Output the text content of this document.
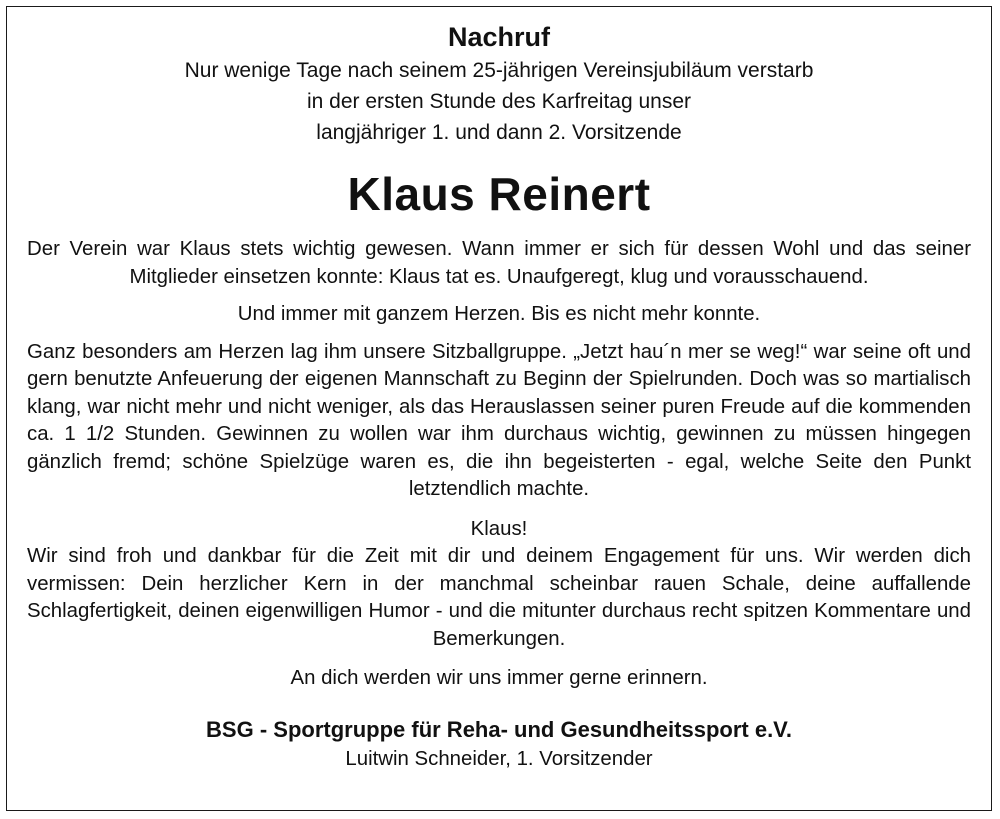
Nachruf

Nur wenige Tage nach seinem 25-jährigen Vereinsjubiläum verstarb
in der ersten Stunde des Karfreitag unser
langjähriger 1. und dann 2. Vorsitzende

Klaus Reinert

Der Verein war Klaus stets wichtig gewesen. Wann immer er sich für dessen Wohl und das seiner Mitglieder einsetzen konnte: Klaus tat es. Unaufgeregt, klug und vorausschauend.

Und immer mit ganzem Herzen. Bis es nicht mehr konnte.

Ganz besonders am Herzen lag ihm unsere Sitzballgruppe. „Jetzt hau´n mer se weg!“ war seine oft und gern benutzte Anfeuerung der eigenen Mannschaft zu Beginn der Spielrunden. Doch was so martialisch klang, war nicht mehr und nicht weniger, als das Herauslassen seiner puren Freude auf die kommenden ca. 1 1/2 Stunden. Gewinnen zu wollen war ihm durchaus wichtig, gewinnen zu müssen hingegen gänzlich fremd; schöne Spielzüge waren es, die ihn begeisterten - egal, welche Seite den Punkt letztendlich machte.

Klaus!

Wir sind froh und dankbar für die Zeit mit dir und deinem Engagement für uns. Wir werden dich vermissen: Dein herzlicher Kern in der manchmal scheinbar rauen Schale, deine auffallende Schlagfertigkeit, deinen eigenwilligen Humor - und die mitunter durchaus recht spitzen Kommentare und Bemerkungen.

An dich werden wir uns immer gerne erinnern.

BSG - Sportgruppe für Reha- und Gesundheitssport e.V.

Luitwin Schneider, 1. Vorsitzender
